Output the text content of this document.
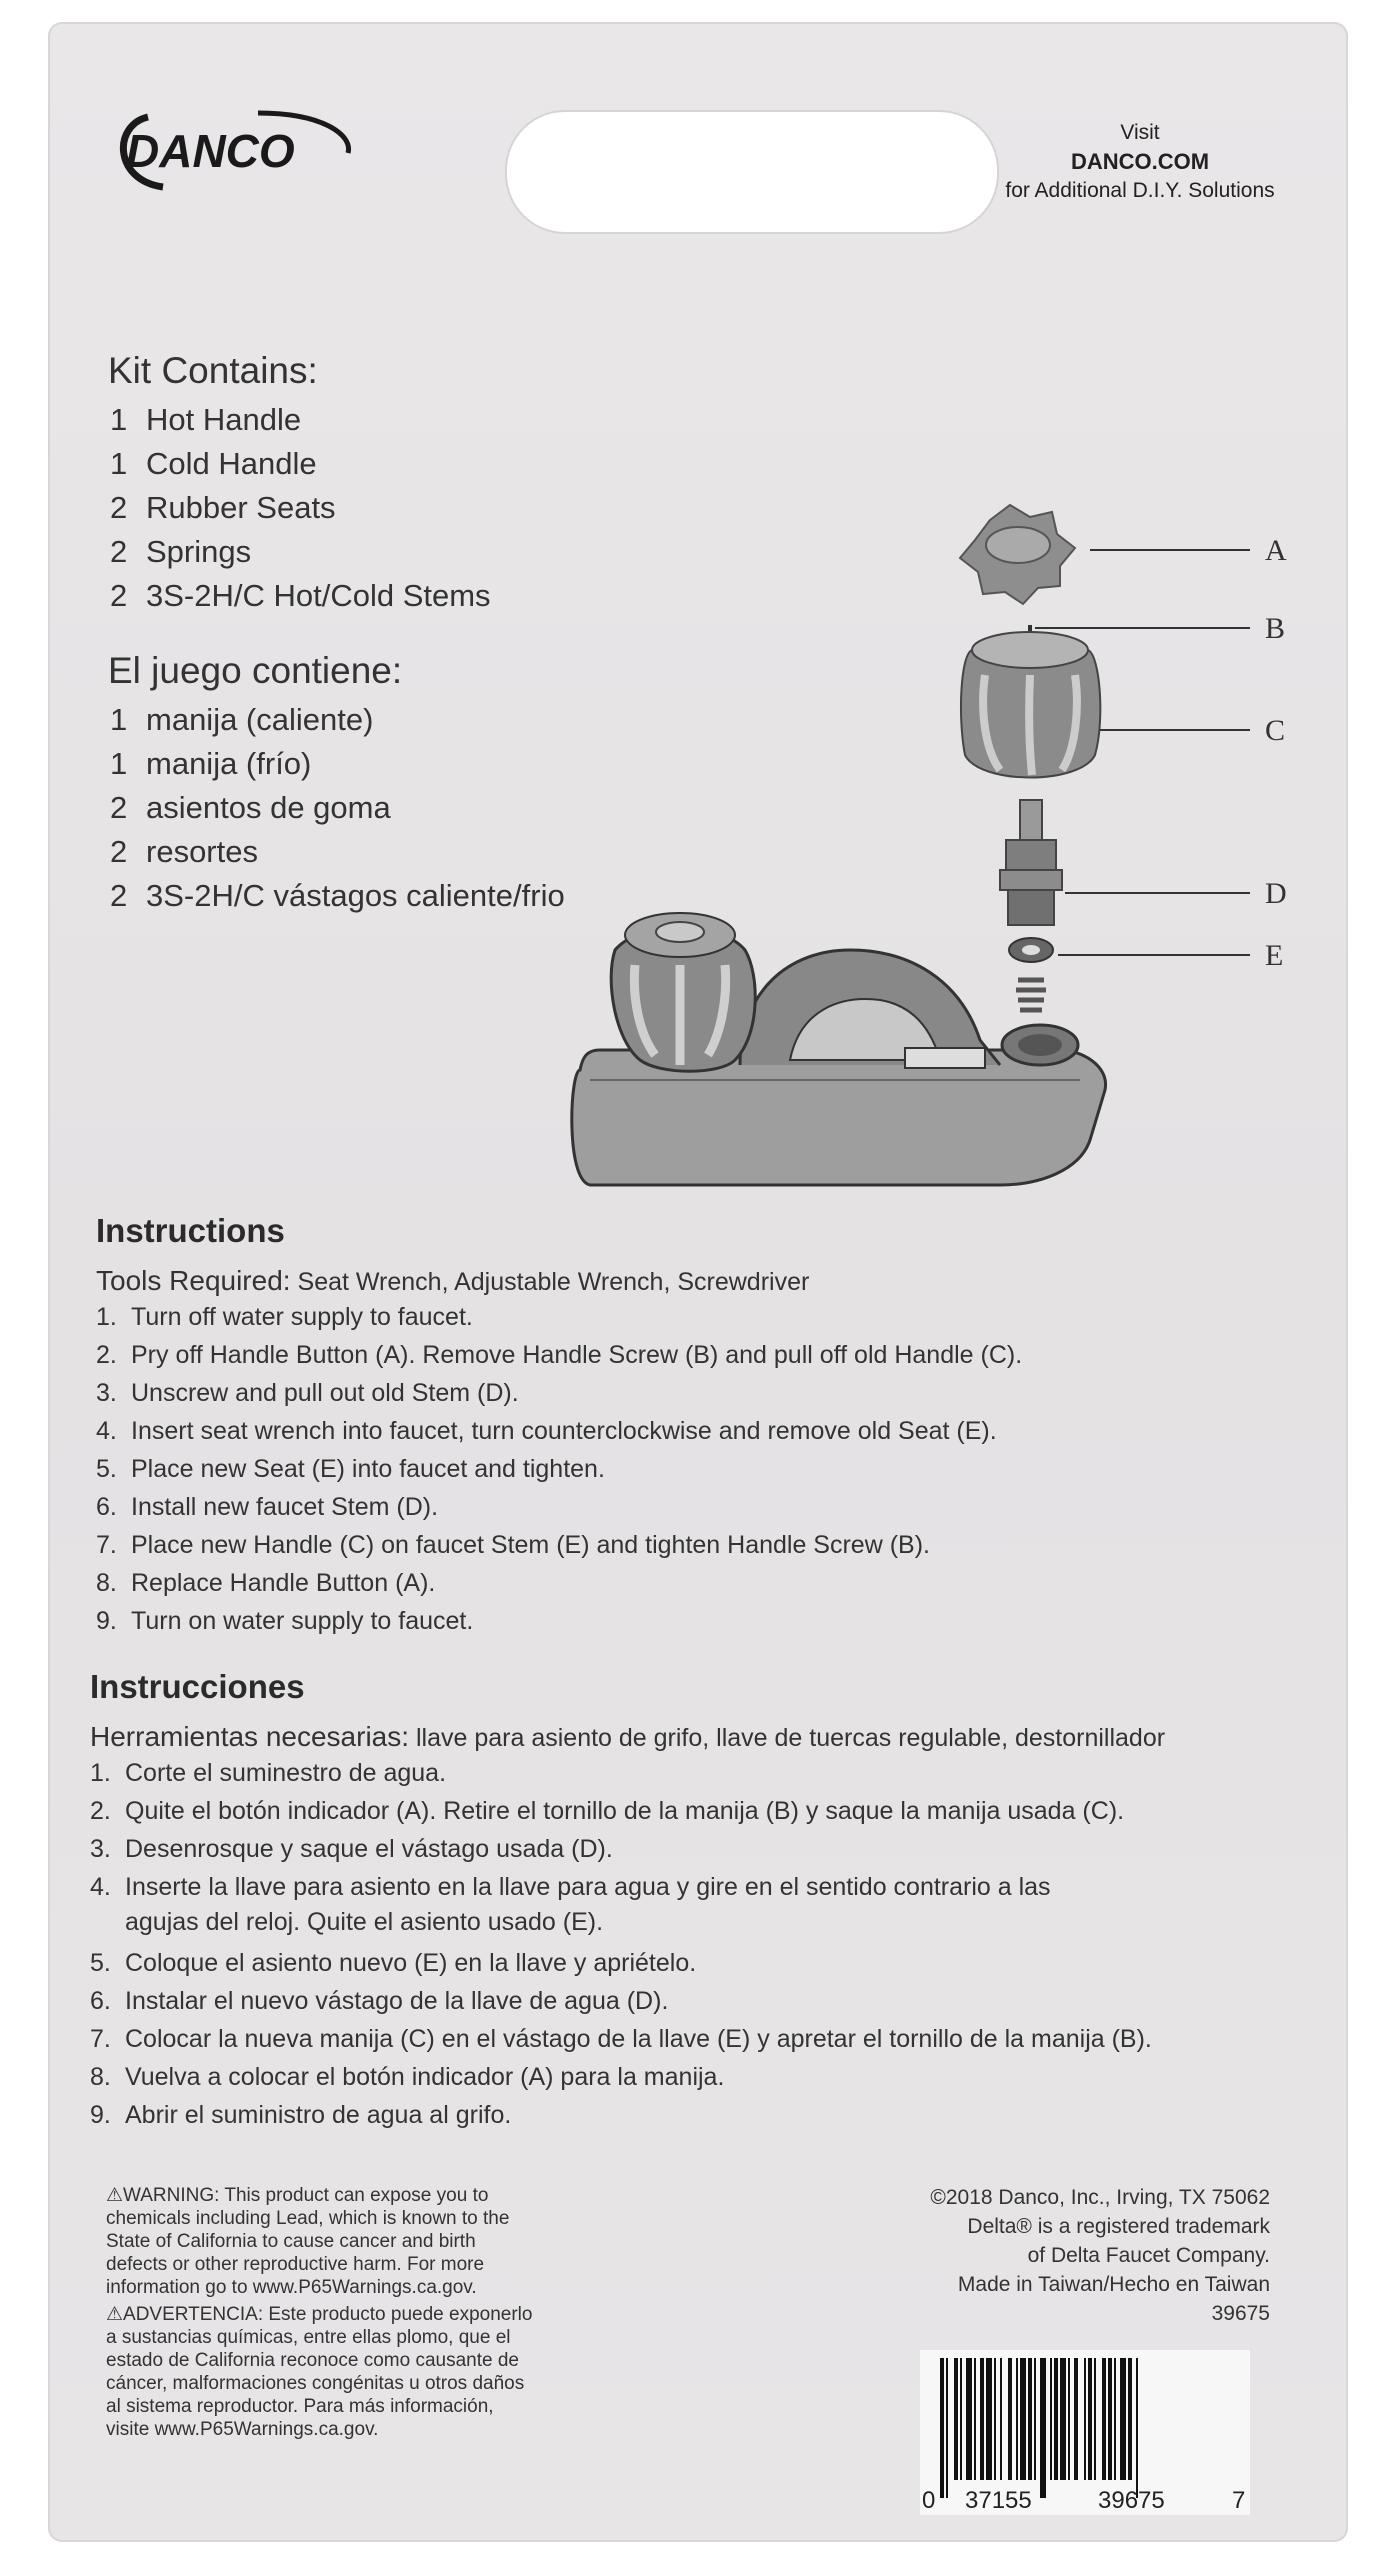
DANCO	Visit
DANCO.COM
for Additional D.I.Y. Solutions
Kit Contains:
1 Hot Handle
1 Cold Handle
2 Rubber Seats
2 Springs
2 3S-2H/C Hot/Cold Stems
El juego contiene:
1 manija (caliente)
1 manija (frío)
2 asientos de goma
2 resortes
2 3S-2H/C vástagos caliente/frio
A
B
C
D
E
Instructions
Tools Required: Seat Wrench, Adjustable Wrench, Screwdriver
1. Turn off water supply to faucet.
2. Pry off Handle Button (A). Remove Handle Screw (B) and pull off old Handle (C).
3. Unscrew and pull out old Stem (D).
4. Insert seat wrench into faucet, turn counterclockwise and remove old Seat (E).
5. Place new Seat (E) into faucet and tighten.
6. Install new faucet Stem (D).
7. Place new Handle (C) on faucet Stem (E) and tighten Handle Screw (B).
8. Replace Handle Button (A).
9. Turn on water supply to faucet.
Instrucciones
Herramientas necesarias: llave para asiento de grifo, llave de tuercas regulable, destornillador
1. Corte el suminestro de agua.
2. Quite el botón indicador (A). Retire el tornillo de la manija (B) y saque la manija usada (C).
3. Desenrosque y saque el vástago usada (D).
4. Inserte la llave para asiento en la llave para agua y gire en el sentido contrario a las
agujas del reloj. Quite el asiento usado (E).
5. Coloque el asiento nuevo (E) en la llave y apriételo.
6. Instalar el nuevo vástago de la llave de agua (D).
7. Colocar la nueva manija (C) en el vástago de la llave (E) y apretar el tornillo de la manija (B).
8. Vuelva a colocar el botón indicador (A) para la manija.
9. Abrir el suministro de agua al grifo.
⚠WARNING: This product can expose you to
chemicals including Lead, which is known to the
State of California to cause cancer and birth
defects or other reproductive harm. For more
information go to www.P65Warnings.ca.gov.
⚠ADVERTENCIA: Este producto puede exponerlo
a sustancias químicas, entre ellas plomo, que el
estado de California reconoce como causante de
cáncer, malformaciones congénitas u otros daños
al sistema reproductor. Para más información,
visite www.P65Warnings.ca.gov.
©2018 Danco, Inc., Irving, TX 75062
Delta® is a registered trademark
of Delta Faucet Company.
Made in Taiwan/Hecho en Taiwan
39675
0 37155	39675	7
